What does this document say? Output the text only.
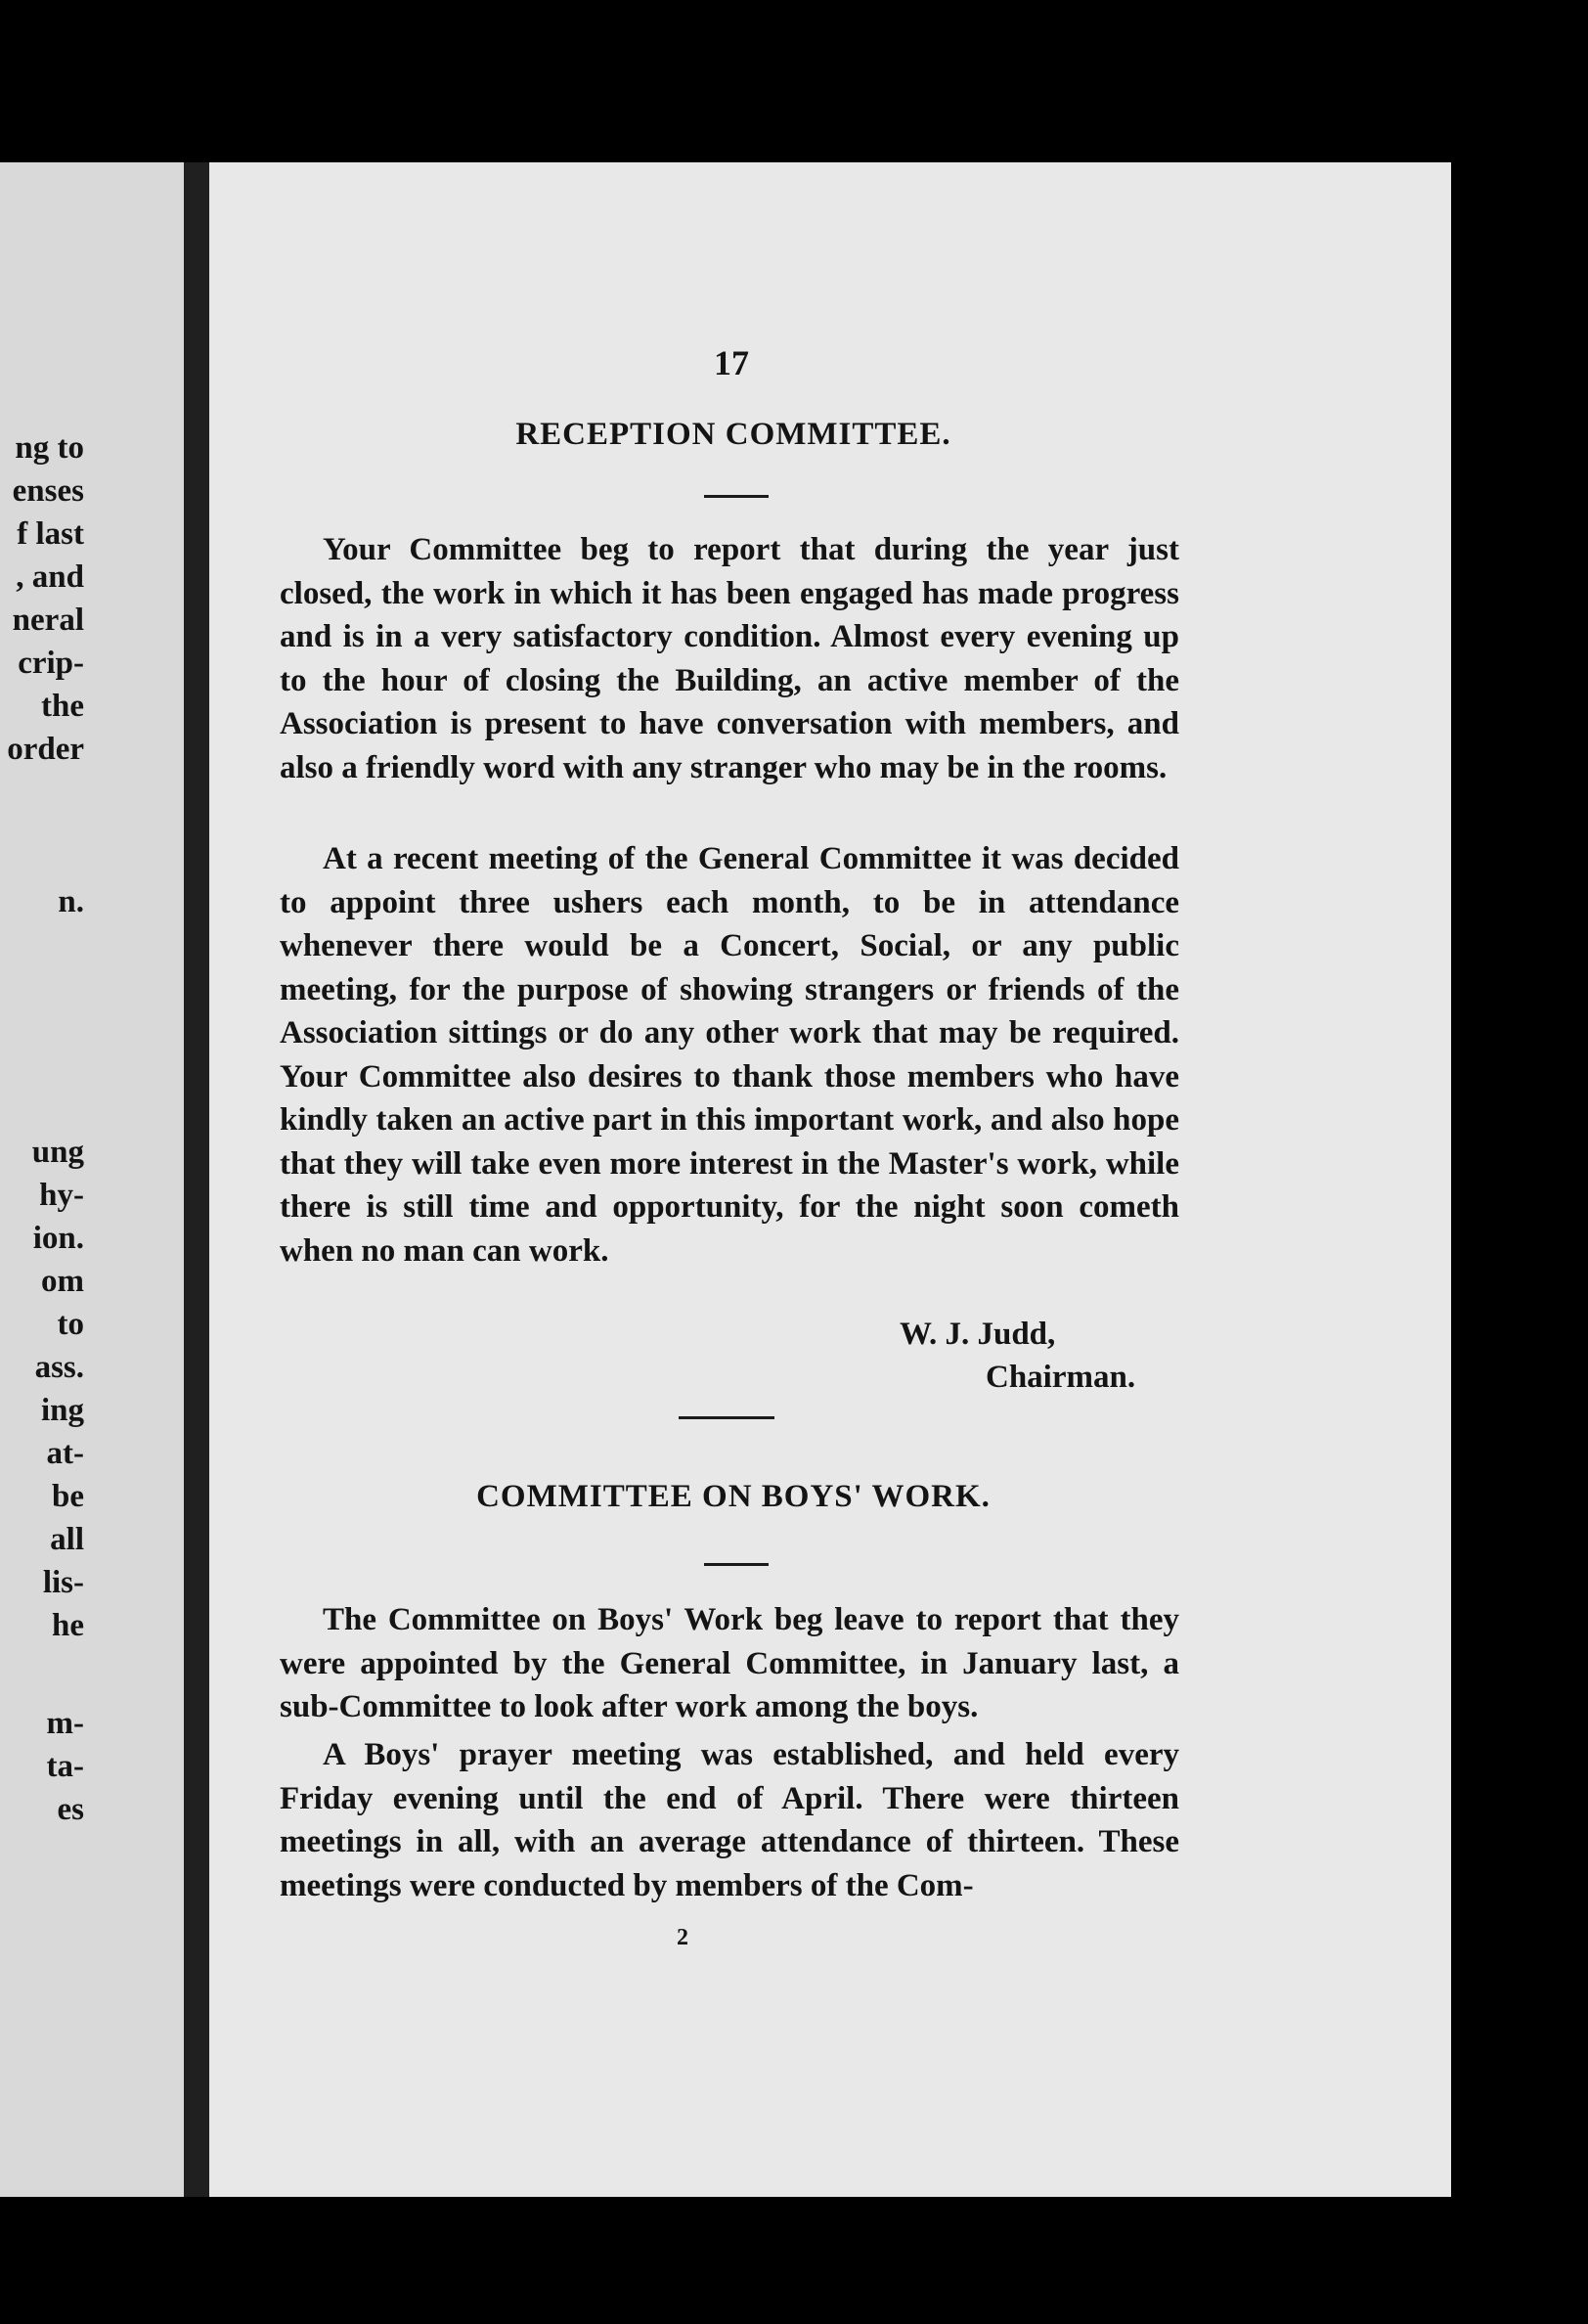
ng to
enses
f last
, and
neral
crip-
the
order
n.
ung
hy-
ion.
om
to
ass.
ing
at-
be
all
lis-
he
m-
ta-
es
17
RECEPTION COMMITTEE.

Your Committee beg to report that during the year just closed, the work in which it has been engaged has made progress and is in a very satisfactory condition. Almost every evening up to the hour of closing the Building, an active member of the Association is present to have conversation with members, and also a friendly word with any stranger who may be in the rooms.

At a recent meeting of the General Committee it was decided to appoint three ushers each month, to be in attendance whenever there would be a Concert, Social, or any public meeting, for the purpose of showing strangers or friends of the Association sittings or do any other work that may be required. Your Committee also desires to thank those members who have kindly taken an active part in this important work, and also hope that they will take even more interest in the Master's work, while there is still time and opportunity, for the night soon cometh when no man can work.

W. J. Judd,
Chairman.
COMMITTEE ON BOYS' WORK.

The Committee on Boys' Work beg leave to report that they were appointed by the General Committee, in January last, a sub-Committee to look after work among the boys.

A Boys' prayer meeting was established, and held every Friday evening until the end of April. There were thirteen meetings in all, with an average attendance of thirteen. These meetings were conducted by members of the Com-

2
